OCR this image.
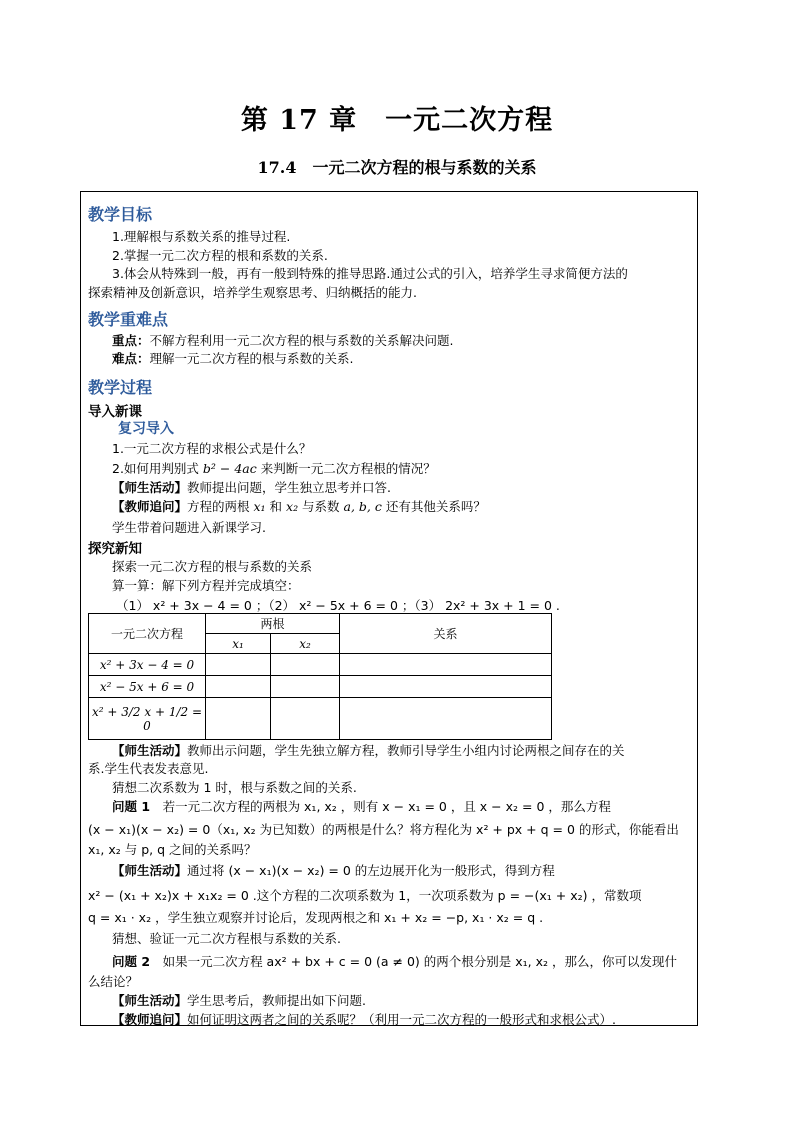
第 17 章　一元二次方程
17.4　一元二次方程的根与系数的关系
教学目标
1.理解根与系数关系的推导过程.
2.掌握一元二次方程的根和系数的关系.
3.体会从特殊到一般，再有一般到特殊的推导思路.通过公式的引入，培养学生寻求简便方法的
探索精神及创新意识，培养学生观察思考、归纳概括的能力.
教学重难点
重点：不解方程利用一元二次方程的根与系数的关系解决问题.
难点：理解一元二次方程的根与系数的关系.
教学过程
导入新课
复习导入
1.一元二次方程的求根公式是什么？
2.如何用判别式 b² − 4ac 来判断一元二次方程根的情况？
【师生活动】教师提出问题，学生独立思考并口答.
【教师追问】方程的两根 x₁ 和 x₂ 与系数 a, b, c 还有其他关系吗？
学生带着问题进入新课学习.
探究新知
探索一元二次方程的根与系数的关系
算一算：解下列方程并完成填空：
（1） x² + 3x − 4 = 0 ；（2） x² − 5x + 6 = 0 ；（3） 2x² + 3x + 1 = 0 .
一元二次方程	两根		关系
	x₁	x₂	
x² + 3x − 4 = 0			
x² − 5x + 6 = 0			
x² + 3/2 x + 1/2 = 0			
【师生活动】教师出示问题，学生先独立解方程，教师引导学生小组内讨论两根之间存在的关
系.学生代表发表意见.
猜想二次系数为 1 时，根与系数之间的关系.
问题 1　若一元二次方程的两根为 x₁, x₂ ，则有 x − x₁ = 0 ，且 x − x₂ = 0 ，那么方程
(x − x₁)(x − x₂) = 0（x₁, x₂ 为已知数）的两根是什么？将方程化为 x² + px + q = 0 的形式，你能看出
x₁, x₂ 与 p, q 之间的关系吗？
【师生活动】通过将 (x − x₁)(x − x₂) = 0 的左边展开化为一般形式，得到方程
x² − (x₁ + x₂)x + x₁x₂ = 0 .这个方程的二次项系数为 1，一次项系数为 p = −(x₁ + x₂) ，常数项
q = x₁ · x₂ ，学生独立观察并讨论后，发现两根之和 x₁ + x₂ = −p, x₁ · x₂ = q .
猜想、验证一元二次方程根与系数的关系.
问题 2　如果一元二次方程 ax² + bx + c = 0 (a ≠ 0) 的两个根分别是 x₁, x₂ ，那么，你可以发现什
么结论？
【师生活动】学生思考后，教师提出如下问题.
【教师追问】如何证明这两者之间的关系呢？（利用一元二次方程的一般形式和求根公式）.
